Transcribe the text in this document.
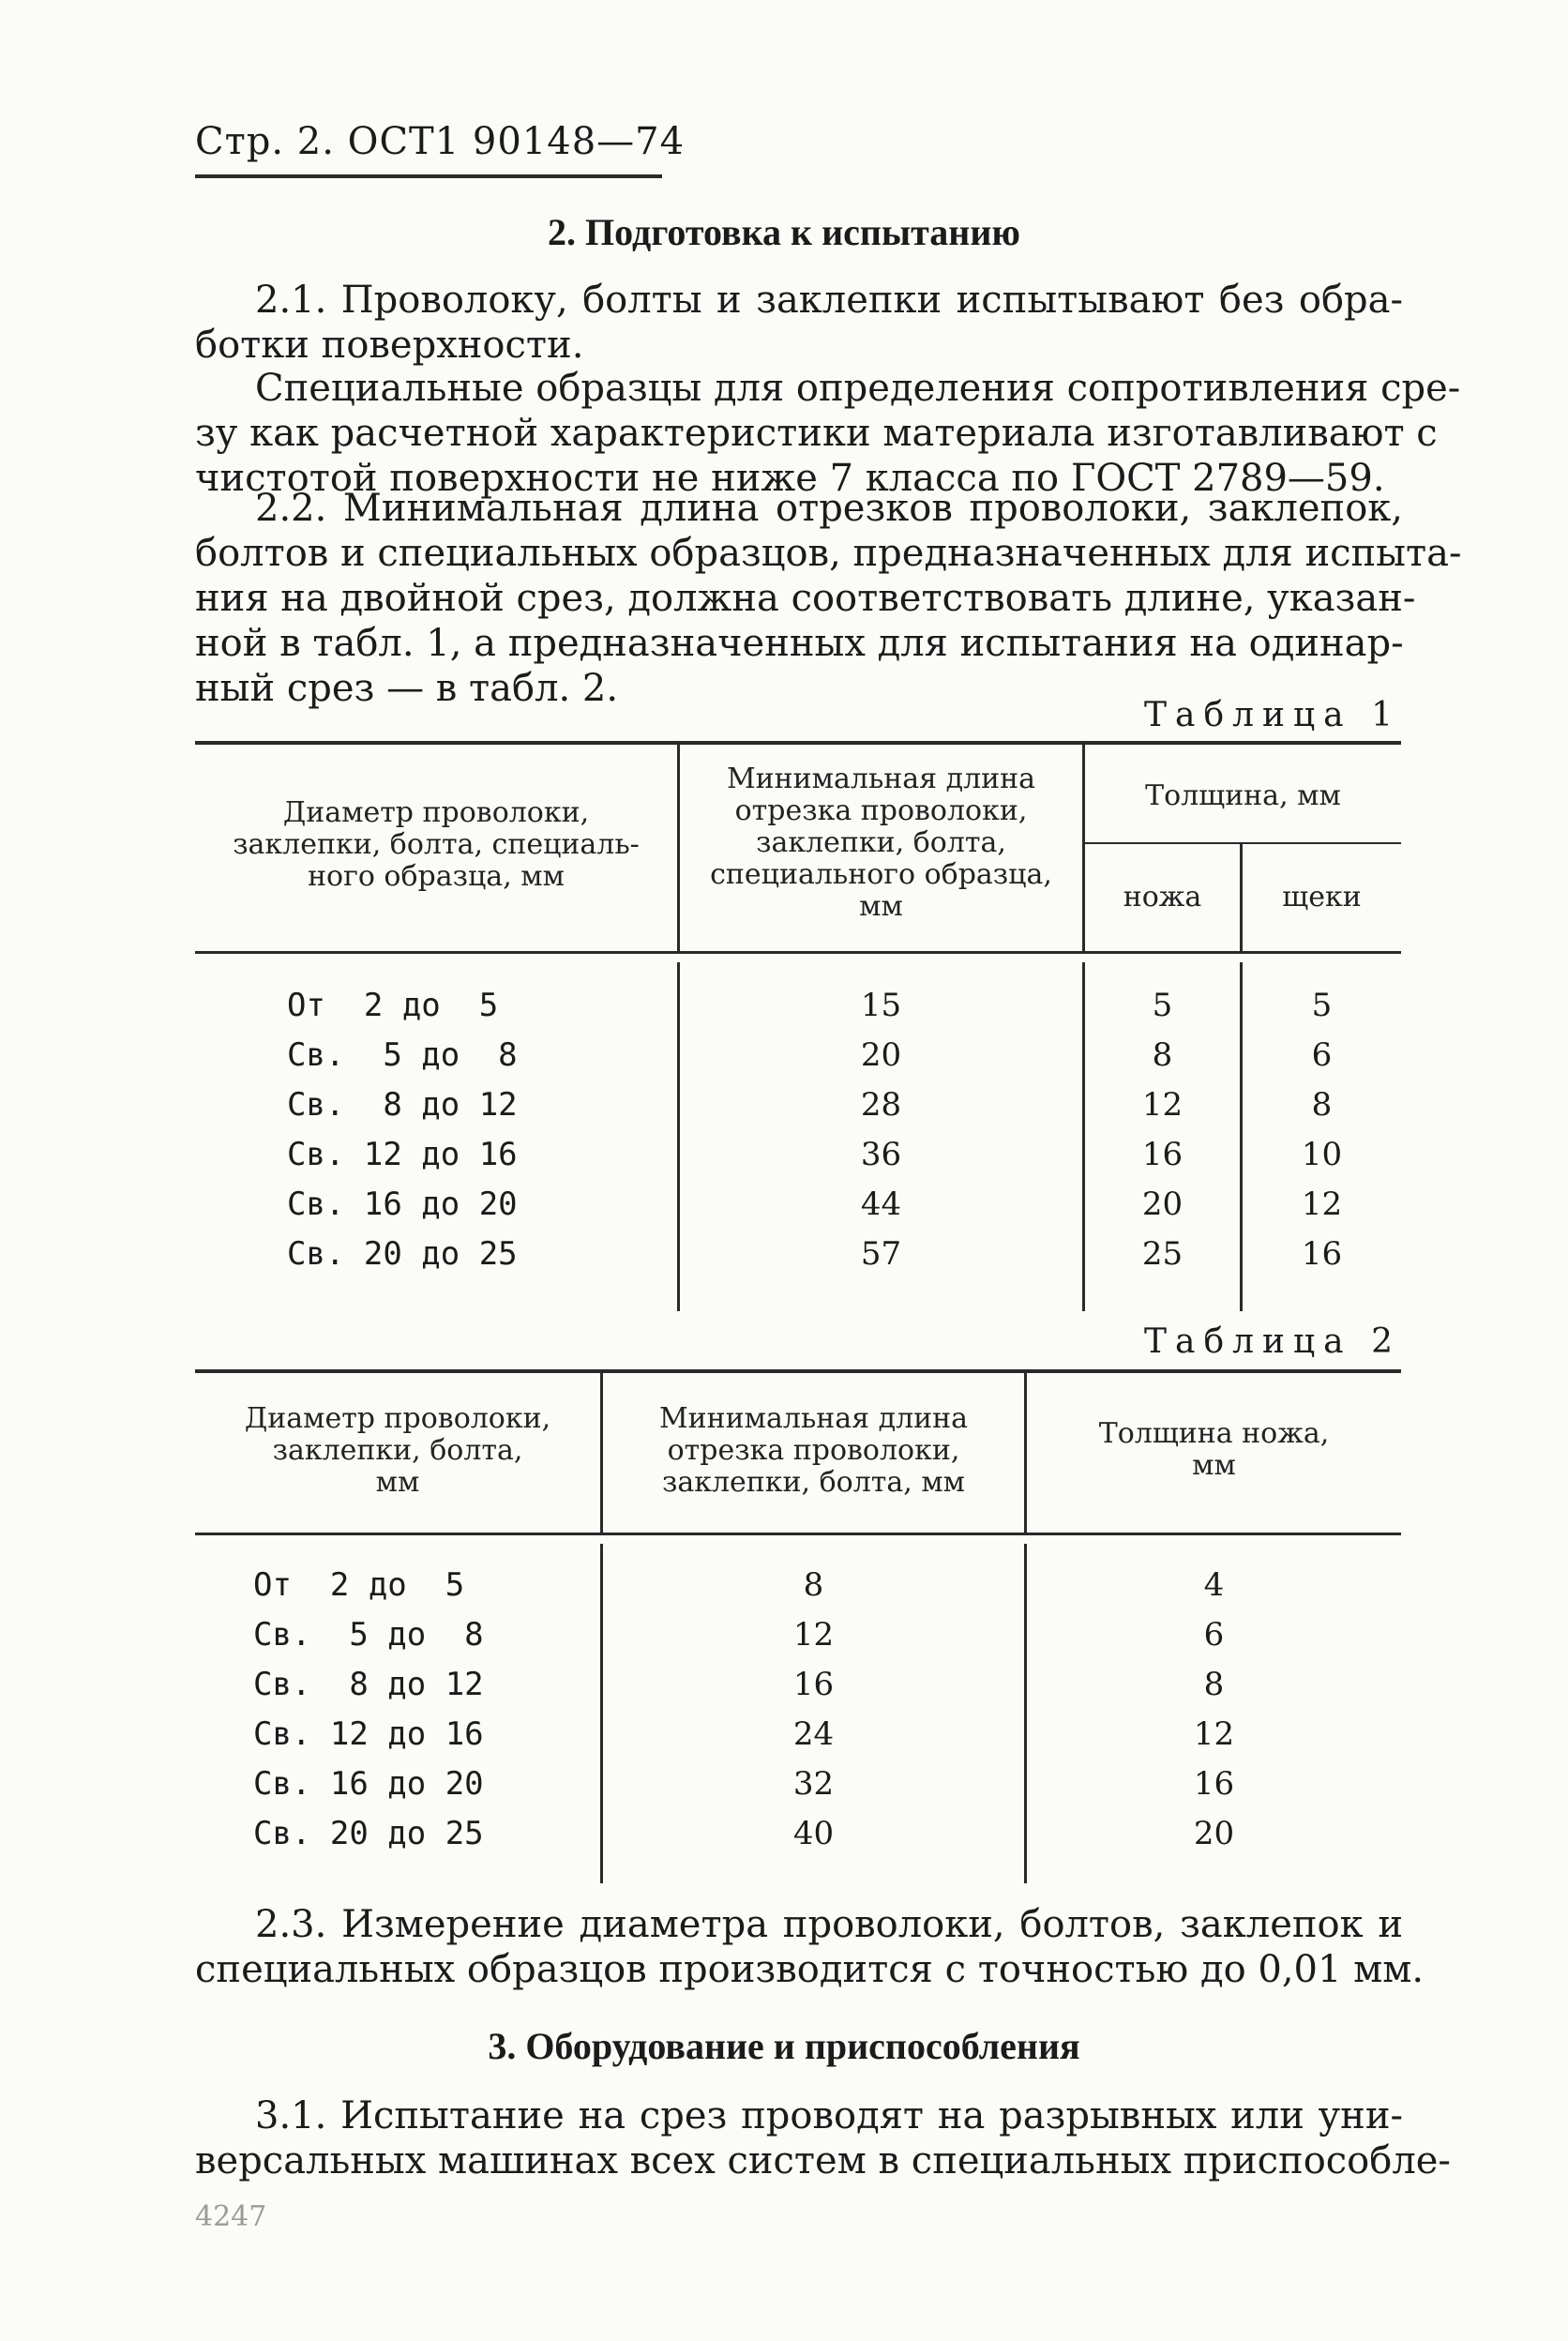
Стр. 2. ОСТ1 90148—74
2. Подготовка к испытанию
2.1. Проволоку, болты и заклепки испытывают без обра-
ботки поверхности.
Специальные образцы для определения сопротивления сре-
зу как расчетной характеристики материала изготавливают с
чистотой поверхности не ниже 7 класса по ГОСТ 2789—59.
2.2. Минимальная длина отрезков проволоки, заклепок,
болтов и специальных образцов, предназначенных для испыта-
ния на двойной срез, должна соответствовать длине, указан-
ной в табл. 1, а предназначенных для испытания на одинар-
ный срез — в табл. 2.
Таблица 1
Диаметр проволоки,
заклепки, болта, специаль-
ного образца, мм
Минимальная длина
отрезка проволоки,
заклепки, болта,
специального образца,
мм
Толщина, мм
ножа	щеки
От  2 до  5	15	5	5
Св.  5 до  8	20	8	6
Св.  8 до 12	28	12	8
Св. 12 до 16	36	16	10
Св. 16 до 20	44	20	12
Св. 20 до 25	57	25	16
Таблица 2
Диаметр проволоки,
заклепки, болта,
мм
Минимальная длина
отрезка проволоки,
заклепки, болта, мм
Толщина ножа,
мм
От  2 до  5	8	4
Св.  5 до  8	12	6
Св.  8 до 12	16	8
Св. 12 до 16	24	12
Св. 16 до 20	32	16
Св. 20 до 25	40	20
2.3. Измерение диаметра проволоки, болтов, заклепок и
специальных образцов производится с точностью до 0,01 мм.
3. Оборудование и приспособления
3.1. Испытание на срез проводят на разрывных или уни-
версальных машинах всех систем в специальных приспособле-
4247
